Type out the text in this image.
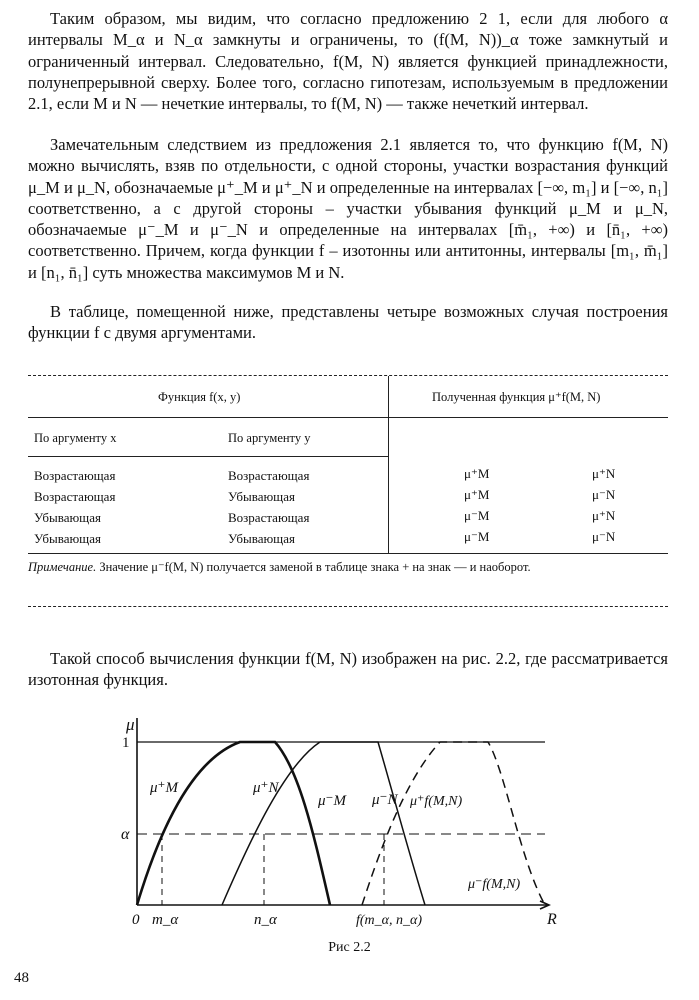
Таким образом, мы видим, что согласно предложению 2 1, если для любого α интервалы M_α и N_α замкнуты и ограничены, то (f(M, N))_α тоже замкнутый и ограниченный интервал. Следовательно, f(M, N) является функцией принадлежности, полунепрерывной сверху. Более того, согласно гипотезам, используемым в предложении 2.1, если M и N — нечеткие интервалы, то f(M, N) — также нечеткий интервал.

Замечательным следствием из предложения 2.1 является то, что функцию f(M, N) можно вычислять, взяв по отдельности, с одной стороны, участки возрастания функций μ_M и μ_N, обозначаемые μ⁺_M и μ⁺_N и определенные на интервалах [−∞, m₁] и [−∞, n₁] соответственно, а с другой стороны – участки убывания функций μ_M и μ_N, обозначаемые μ⁻_M и μ⁻_N и определенные на интервалах [m̄₁, +∞) и [n̄₁, +∞) соответственно. Причем, когда функции f – изотонны или антитонны, интервалы [m₁, m̄₁] и [n₁, n̄₁] суть множества максимумов M и N.

В таблице, помещенной ниже, представлены четыре возможных случая построения функции f с двумя аргументами.

Функция f(x, y)	Полученная функция μ⁺f(M, N)
По аргументу x	По аргументу y
Возрастающая	Возрастающая	μ⁺M	μ⁺N
Возрастающая	Убывающая	μ⁺M	μ⁻N
Убывающая	Возрастающая	μ⁻M	μ⁺N
Убывающая	Убывающая	μ⁻M	μ⁻N
Примечание. Значение μ⁻f(M, N) получается заменой в таблице знака + на знак — и наоборот.

Такой способ вычисления функции f(M, N) изображен на рис. 2.2, где рассматривается изотонная функция.

μ
1
α
0 m_α	n_α	f(m_α, n_α)	R
μ⁺M	μ⁺N
μ⁻M μ⁻N μ⁺f(M,N)
μ⁻f(M,N)
Рис 2.2
48
